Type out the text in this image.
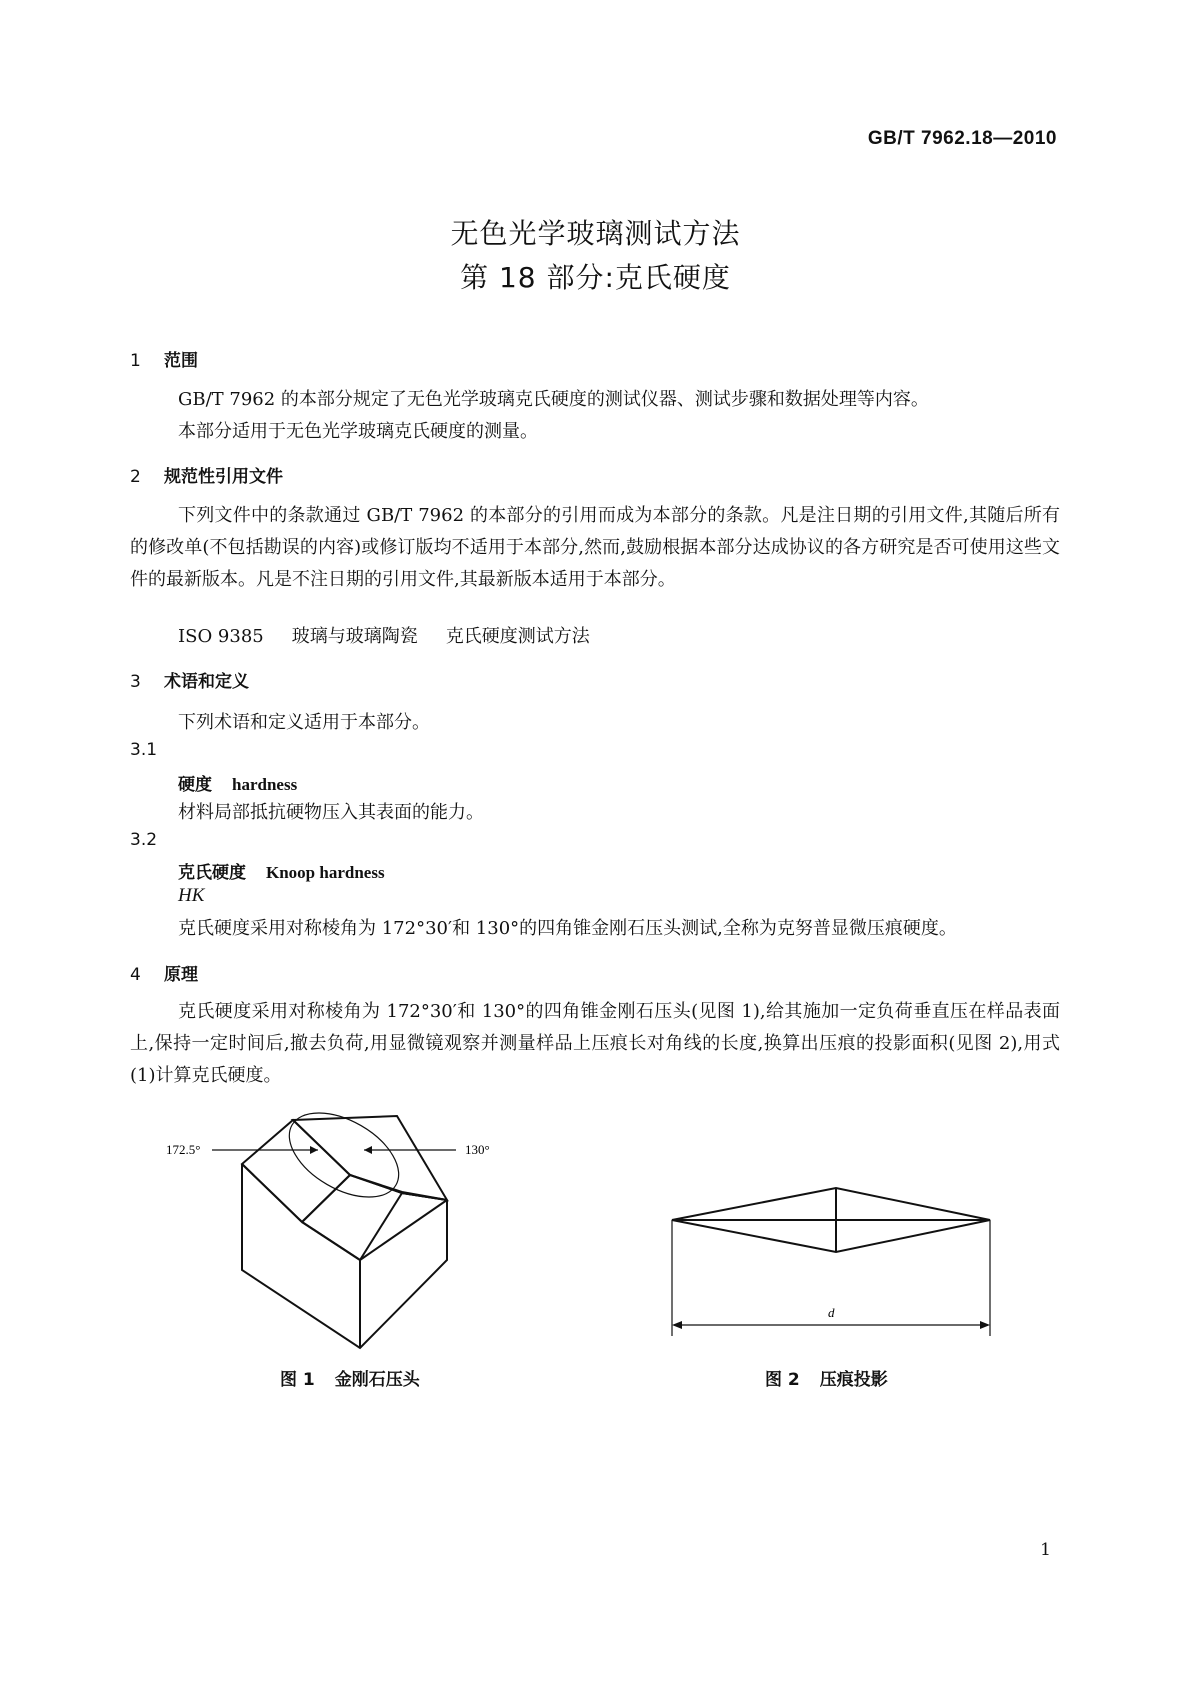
GB/T 7962.18—2010
无色光学玻璃测试方法
第 18 部分:克氏硬度
1 范围
GB/T 7962 的本部分规定了无色光学玻璃克氏硬度的测试仪器、测试步骤和数据处理等内容。
本部分适用于无色光学玻璃克氏硬度的测量。
2 规范性引用文件
下列文件中的条款通过 GB/T 7962 的本部分的引用而成为本部分的条款。凡是注日期的引用文件,其随后所有的修改单(不包括勘误的内容)或修订版均不适用于本部分,然而,鼓励根据本部分达成协议的各方研究是否可使用这些文件的最新版本。凡是不注日期的引用文件,其最新版本适用于本部分。
ISO 9385 玻璃与玻璃陶瓷 克氏硬度测试方法
3 术语和定义
下列术语和定义适用于本部分。
3.1
硬度 hardness
材料局部抵抗硬物压入其表面的能力。
3.2
克氏硬度 Knoop hardness
HK
克氏硬度采用对称棱角为 172°30′和 130°的四角锥金刚石压头测试,全称为克努普显微压痕硬度。
4 原理
克氏硬度采用对称棱角为 172°30′和 130°的四角锥金刚石压头(见图 1),给其施加一定负荷垂直压在样品表面上,保持一定时间后,撤去负荷,用显微镜观察并测量样品上压痕长对角线的长度,换算出压痕的投影面积(见图 2),用式(1)计算克氏硬度。
172.5°	130°
d
图 1 金刚石压头	图 2 压痕投影
1
